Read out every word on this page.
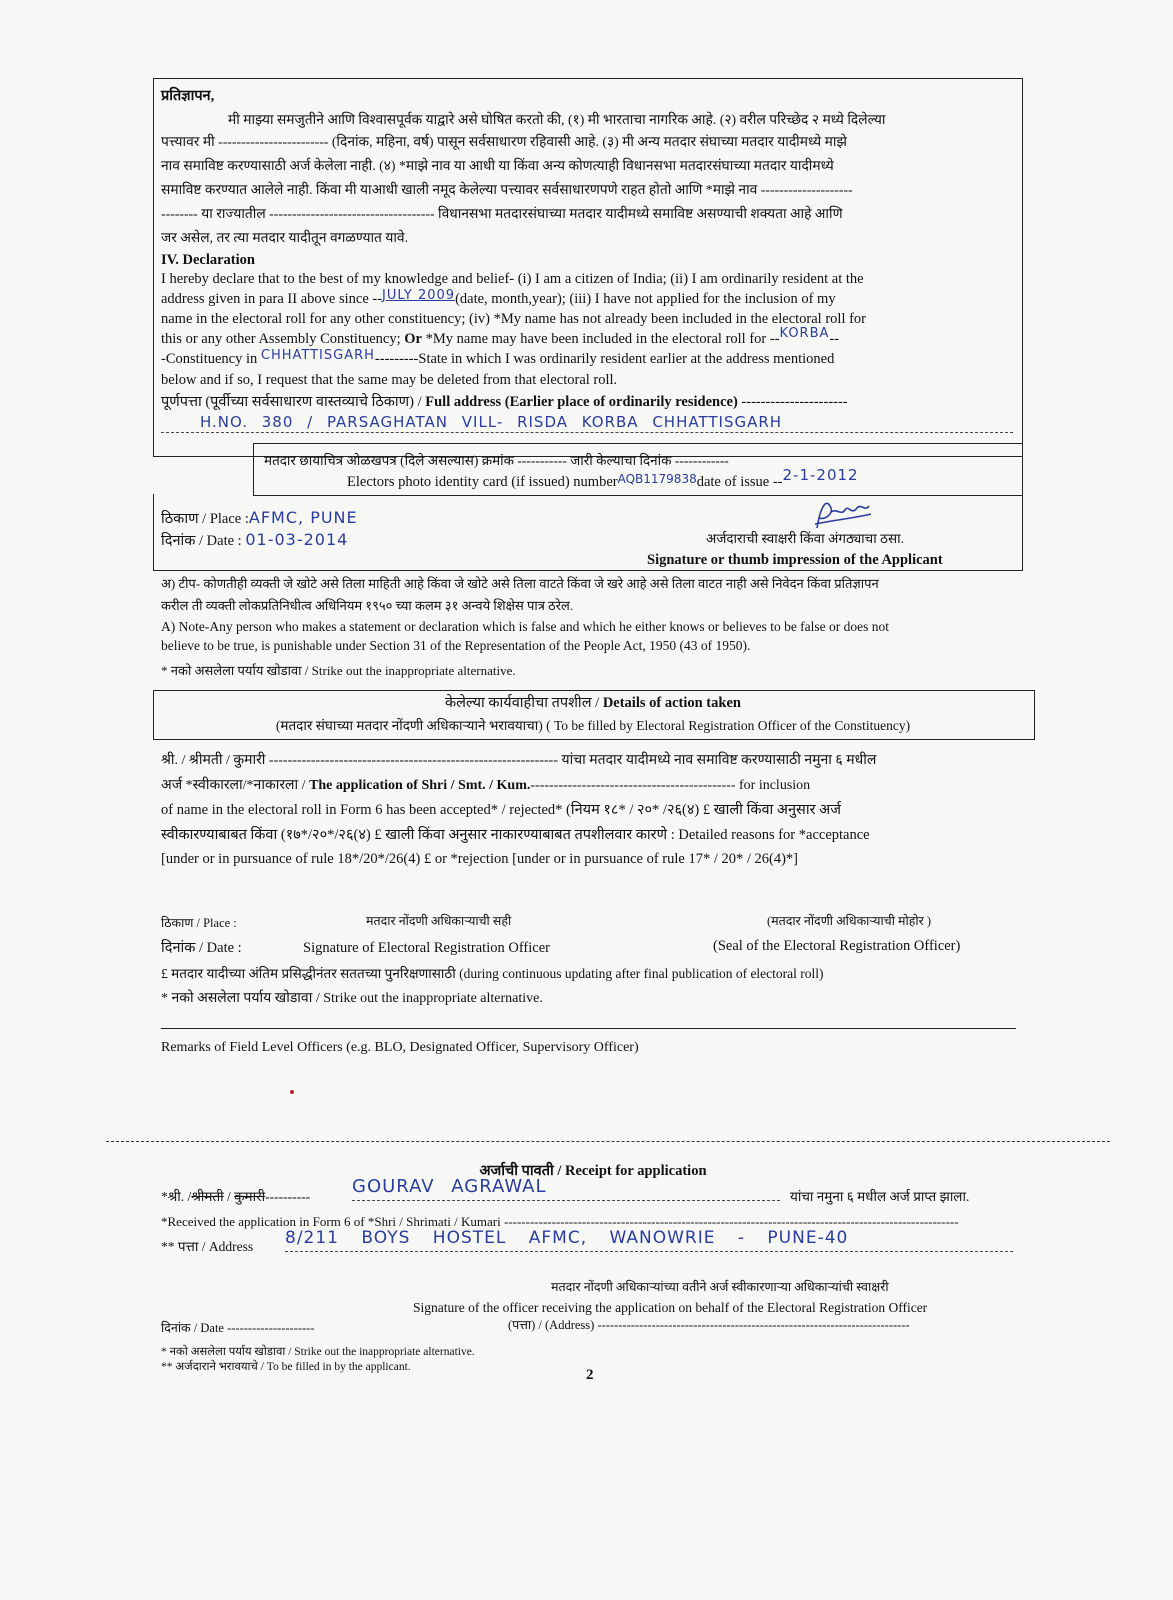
प्रतिज्ञापन,
मी माझ्या समजुतीने आणि विश्वासपूर्वक याद्वारे असे घोषित करतो की, (१) मी भारताचा नागरिक आहे. (२) वरील परिच्छेद २ मध्ये दिलेल्या
पत्त्यावर मी ------------------------ (दिनांक, महिना, वर्ष) पासून सर्वसाधारण रहिवासी आहे. (३) मी अन्य मतदार संघाच्या मतदार यादीमध्ये माझे
नाव समाविष्ट करण्यासाठी अर्ज केलेला नाही. (४) *माझे नाव या आधी या किंवा अन्य कोणत्याही विधानसभा मतदारसंघाच्या मतदार यादीमध्ये
समाविष्ट करण्यात आलेले नाही. किंवा मी याआधी खाली नमूद केलेल्या पत्त्यावर सर्वसाधारणपणे राहत होतो आणि *माझे नाव --------------------
-------- या राज्यातील ------------------------------------ विधानसभा मतदारसंघाच्या मतदार यादीमध्ये समाविष्ट असण्याची शक्यता आहे आणि
जर असेल, तर त्या मतदार यादीतून वगळण्यात यावे.
IV. Declaration
I hereby declare that to the best of my knowledge and belief- (i) I am a citizen of India; (ii) I am ordinarily resident at the
address given in para II above since --JULY 2009(date, month,year); (iii) I have not applied for the inclusion of my
name in the electoral roll for any other constituency; (iv) *My name has not already been included in the electoral roll for
this or any other Assembly Constituency; Or *My name may have been included in the electoral roll for --KORBA--
-Constituency in CHHATTISGARH---------State in which I was ordinarily resident earlier at the address mentioned
below and if so, I request that the same may be deleted from that electoral roll.
पूर्णपत्ता (पूर्वीच्या सर्वसाधारण वास्तव्याचे ठिकाण) / Full address (Earlier place of ordinarily residence) ----------------------
H.NO. 380 / PARSAGHATAN VILL- RISDA KORBA CHHATTISGARH
मतदार छायाचित्र ओळखपत्र (दिले असल्यास) क्रमांक ----------- जारी केल्याचा दिनांक ------------
Electors photo identity card (if issued) number$^{AQB1179838}$date of issue --2-1-2012
ठिकाण / Place :AFMC, PUNE
दिनांक / Date : 01-03-2014	अर्जदाराची स्वाक्षरी किंवा अंगठ्याचा ठसा.
Signature or thumb impression of the Applicant
अ) टीप- कोणतीही व्यक्ती जे खोटे असे तिला माहिती आहे किंवा जे खोटे असे तिला वाटते किंवा जे खरे आहे असे तिला वाटत नाही असे निवेदन किंवा प्रतिज्ञापन
करील ती व्यक्ती लोकप्रतिनिधीत्व अधिनियम १९५० च्या कलम ३१ अन्वये शिक्षेस पात्र ठरेल.
A) Note-Any person who makes a statement or declaration which is false and which he either knows or believes to be false or does not
believe to be true, is punishable under Section 31 of the Representation of the People Act, 1950 (43 of 1950).
* नको असलेला पर्याय खोडावा / Strike out the inappropriate alternative.
केलेल्या कार्यवाहीचा तपशील / Details of action taken
(मतदार संघाच्या मतदार नोंदणी अधिकाऱ्याने भरावयाचा) ( To be filled by Electoral Registration Officer of the Constituency)
श्री. / श्रीमती / कुमारी -------------------------------------------------------------- यांचा मतदार यादीमध्ये नाव समाविष्ट करण्यासाठी नमुना ६ मधील
अर्ज *स्वीकारला/*नाकारला / The application of Shri / Smt. / Kum.-------------------------------------------- for inclusion
of name in the electoral roll in Form 6 has been accepted* / rejected* (नियम १८* / २०* /२६(४) £ खाली किंवा अनुसार अर्ज
स्वीकारण्याबाबत किंवा (१७*/२०*/२६(४) £ खाली किंवा अनुसार नाकारण्याबाबत तपशीलवार कारणे : Detailed reasons for *acceptance
[under or in pursuance of rule 18*/20*/26(4) £ or *rejection [under or in pursuance of rule 17* / 20* / 26(4)*]
ठिकाण / Place :	मतदार नोंदणी अधिकाऱ्याची सही	(मतदार नोंदणी अधिकाऱ्याची मोहोर )
दिनांक / Date :	Signature of Electoral Registration Officer	(Seal of the Electoral Registration Officer)
£ मतदार यादीच्या अंतिम प्रसिद्धीनंतर सततच्या पुनरिक्षणासाठी (during continuous updating after final publication of electoral roll)
* नको असलेला पर्याय खोडावा / Strike out the inappropriate alternative.
Remarks of Field Level Officers (e.g. BLO, Designated Officer, Supervisory Officer)
अर्जाची पावती / Receipt for application
*श्री. /श्रीमती / कुमारी---------- GOURAV AGRAWAL	यांचा नमुना ६ मधील अर्ज प्राप्त झाला.
*Received the application in Form 6 of *Shri / Shrimati / Kumari ---------------------------------------------------------------------------------------------------------
** पत्ता / Address 8/211 BOYS HOSTEL AFMC, WANOWRIE - PUNE-40
मतदार नोंदणी अधिकाऱ्यांच्या वतीने अर्ज स्वीकारणाऱ्या अधिकाऱ्यांची स्वाक्षरी
Signature of the officer receiving the application on behalf of the Electoral Registration Officer
दिनांक / Date ---------------------	(पत्ता) / (Address) ---------------------------------------------------------------------------
* नको असलेला पर्याय खोडावा / Strike out the inappropriate alternative.
** अर्जदाराने भरावयाचे / To be filled in by the applicant.	2
